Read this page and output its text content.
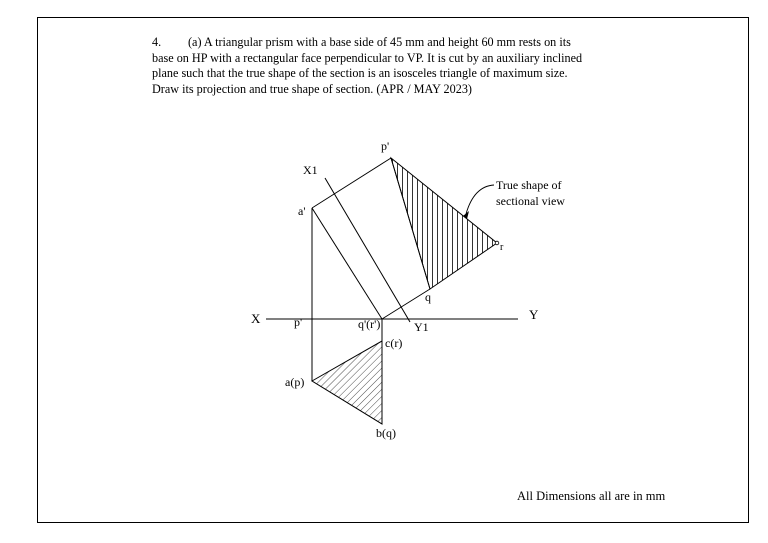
4. (a) A triangular prism with a base side of 45 mm and height 60 mm rests on its
base on HP with a rectangular face perpendicular to VP. It is cut by an auxiliary inclined
plane such that the true shape of the section is an isosceles triangle of maximum size.
Draw its projection and true shape of section. (APR / MAY 2023)
p'
X1
a'
X	p'	q'(r')	Y1
Y
c(r)
a(p)
b(q)
q
r
True shape of
sectional view
All Dimensions all are in mm
